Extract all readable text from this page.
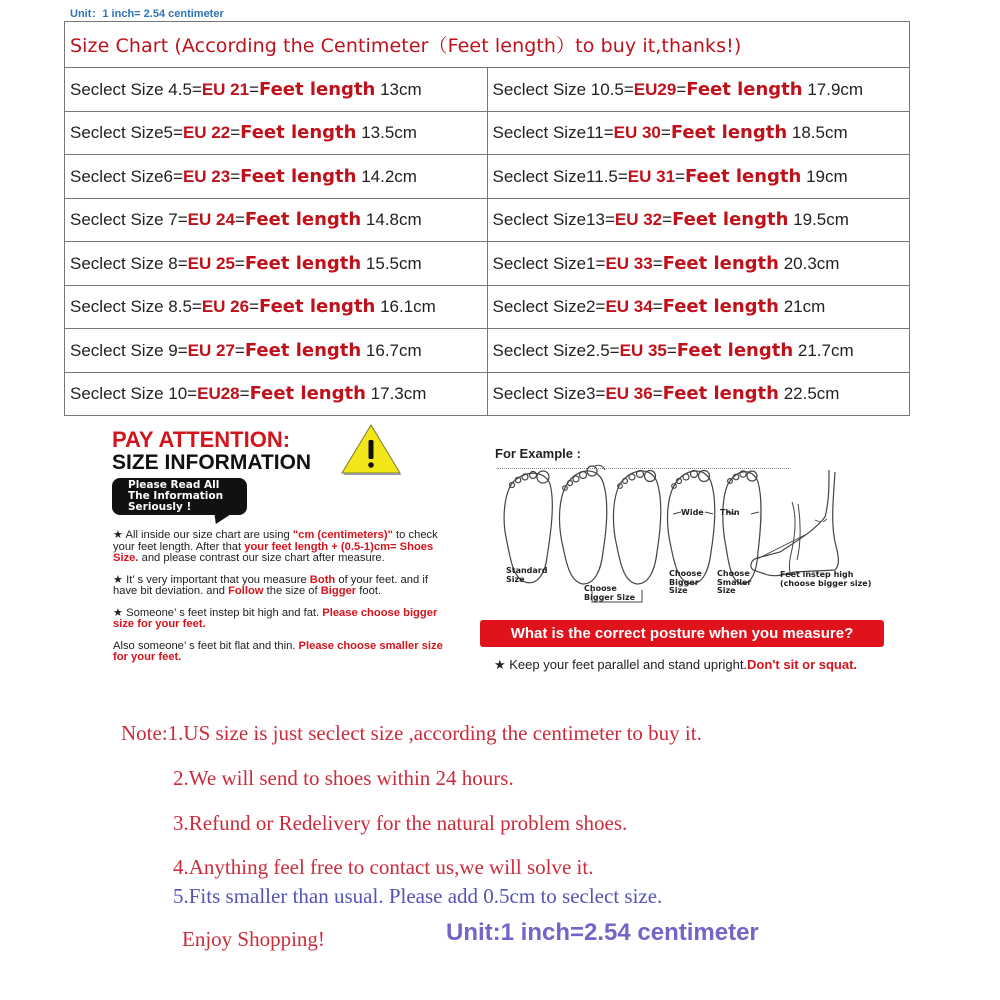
Unit：1 inch= 2.54 centimeter
Size Chart (According the Centimeter（Feet length）to buy it,thanks!)	
Seclect Size 4.5=EU 21=Feet length 13cm	Seclect Size 10.5=EU29=Feet length 17.9cm
Seclect Size5=EU 22=Feet length 13.5cm	Seclect Size11=EU 30=Feet length 18.5cm
Seclect Size6=EU 23=Feet length 14.2cm	Seclect Size11.5=EU 31=Feet length 19cm
Seclect Size 7=EU 24=Feet length 14.8cm	Seclect Size13=EU 32=Feet length 19.5cm
Seclect Size 8=EU 25=Feet length 15.5cm	Seclect Size1=EU 33=Feet length 20.3cm
Seclect Size 8.5=EU 26=Feet length 16.1cm	Seclect Size2=EU 34=Feet length 21cm
Seclect Size 9=EU 27=Feet length 16.7cm	Seclect Size2.5=EU 35=Feet length 21.7cm
Seclect Size 10=EU28=Feet length 17.3cm	Seclect Size3=EU 36=Feet length 22.5cm
PAY ATTENTION:
SIZE INFORMATION
Please Read All
The Information
Seriously !

★ All inside our size chart are using "cm (centimeters)" to check your feet length. After that your feet length + (0.5-1)cm= Shoes Size. and please contrast our size chart after measure.

★ It’ s very important that you measure Both of your feet. and if have bit deviation. and Follow the size of Bigger foot.

★ Someone’ s feet instep bit high and fat. Please choose bigger size for your feet.

Also someone’ s feet bit flat and thin. Please choose smaller size for your feet.

For Example :
Standard
Size
Choose
Bigger Size
Wide Thin
Choose
Bigger
Size
Choose
Smaller
Size
Feet instep high
(choose bigger size)
What is the correct posture when you measure?
★ Keep your feet parallel and stand upright.Don't sit or squat.
Note:1.US size is just seclect size ,according the centimeter to buy it.
2.We will send to shoes within 24 hours.
3.Refund or Redelivery for the natural problem shoes.
4.Anything feel free to contact us,we will solve it.
5.Fits smaller than usual. Please add 0.5cm to seclect size.
Enjoy Shopping!	Unit:1 inch=2.54 centimeter
